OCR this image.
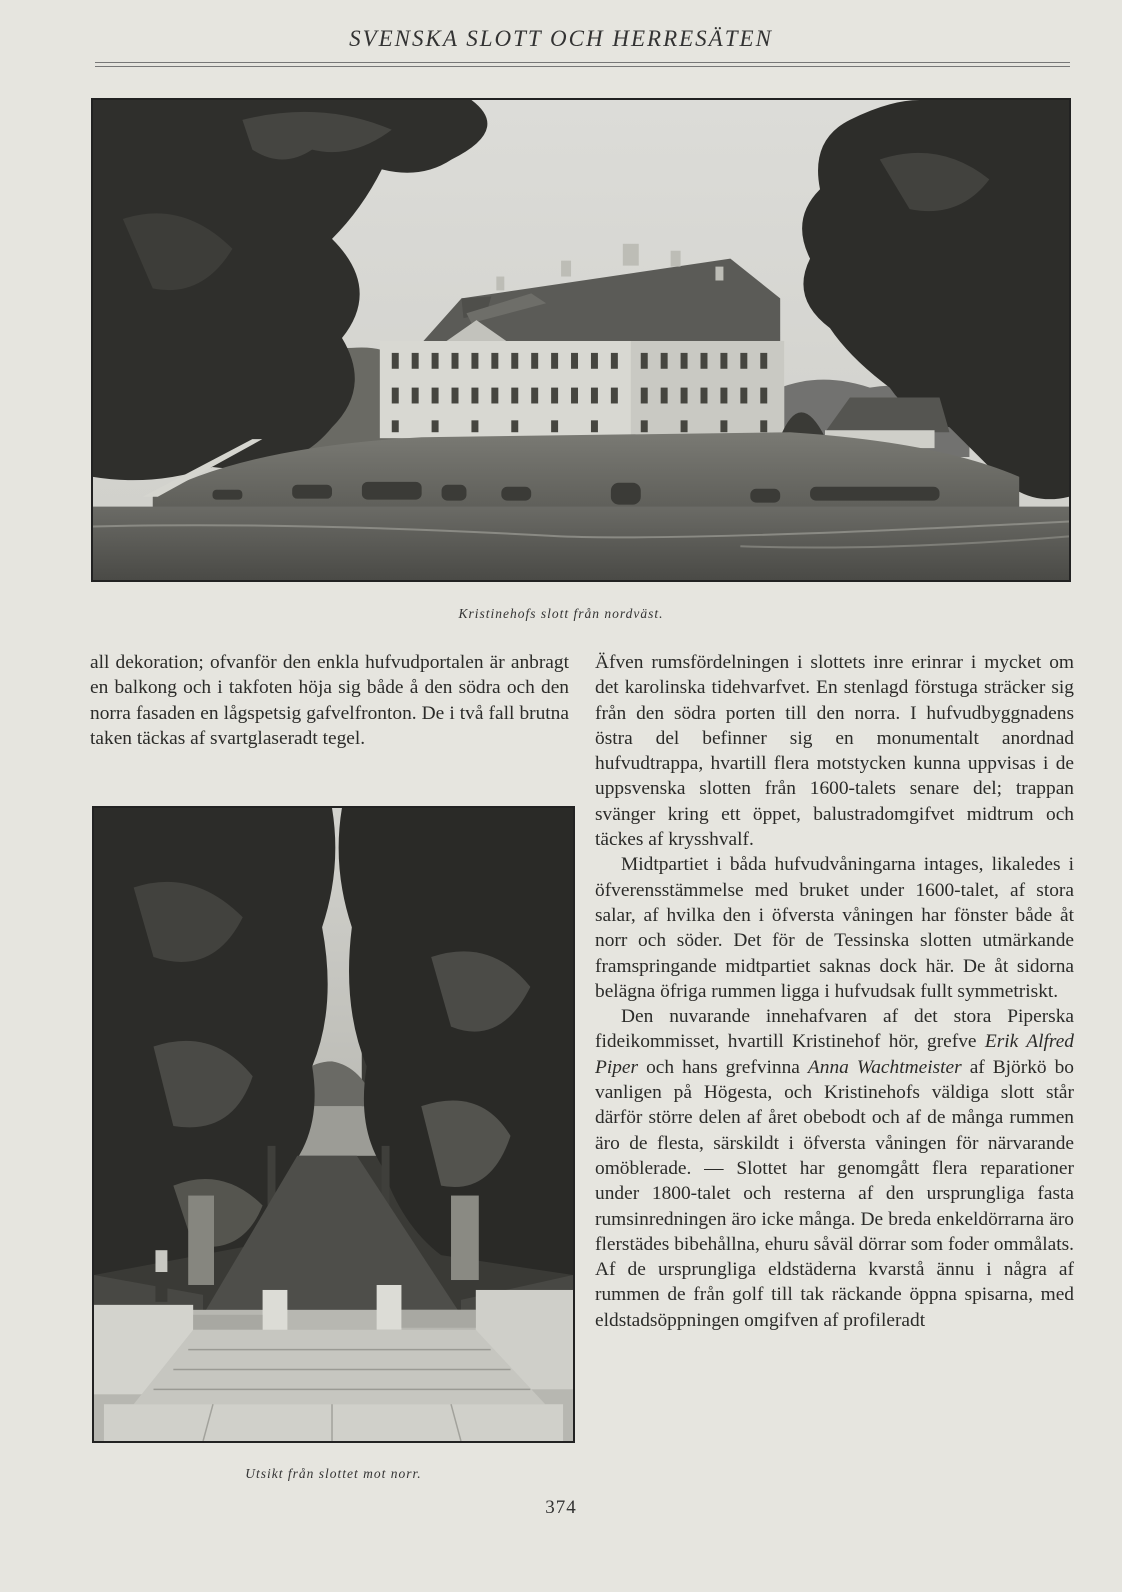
SVENSKA SLOTT OCH HERRESÄTEN
Kristinehofs slott från nordväst.

all dekoration; ofvanför den enkla hufvudportalen är anbragt en balkong och i takfoten höja sig både å den södra och den norra fasaden en lågspetsig gafvelfronton. De i två fall brutna taken täckas af svartglaseradt tegel.

Utsikt från slottet mot norr.

Äfven rumsfördelningen i slottets inre erinrar i mycket om det karolinska tidehvarfvet. En stenlagd förstuga sträcker sig från den södra porten till den norra. I hufvudbyggnadens östra del befinner sig en monumentalt anordnad hufvudtrappa, hvartill flera motstycken kunna uppvisas i de uppsvenska slotten från 1600-talets senare del; trappan svänger kring ett öppet, balustradomgifvet midtrum och täckes af krysshvalf.

Midtpartiet i båda hufvudvåningarna intages, likaledes i öfverensstämmelse med bruket under 1600-talet, af stora salar, af hvilka den i öfversta våningen har fönster både åt norr och söder. Det för de Tessinska slotten utmärkande framspringande midtpartiet saknas dock här. De åt sidorna belägna öfriga rummen ligga i hufvudsak fullt symmetriskt.

Den nuvarande innehafvaren af det stora Piperska fideikommisset, hvartill Kristinehof hör, grefve Erik Alfred Piper och hans grefvinna Anna Wachtmeister af Björkö bo vanligen på Högesta, och Kristinehofs väldiga slott står därför större delen af året obebodt och af de många rummen äro de flesta, särskildt i öfversta våningen för närvarande omöblerade. — Slottet har genomgått flera reparationer under 1800-talet och resterna af den ursprungliga fasta rumsinredningen äro icke många. De breda enkeldörrarna äro flerstädes bibehållna, ehuru såväl dörrar som foder ommålats. Af de ursprungliga eldstäderna kvarstå ännu i några af rummen de från golf till tak räckande öppna spisarna, med eldstadsöppningen omgifven af profileradt

374
